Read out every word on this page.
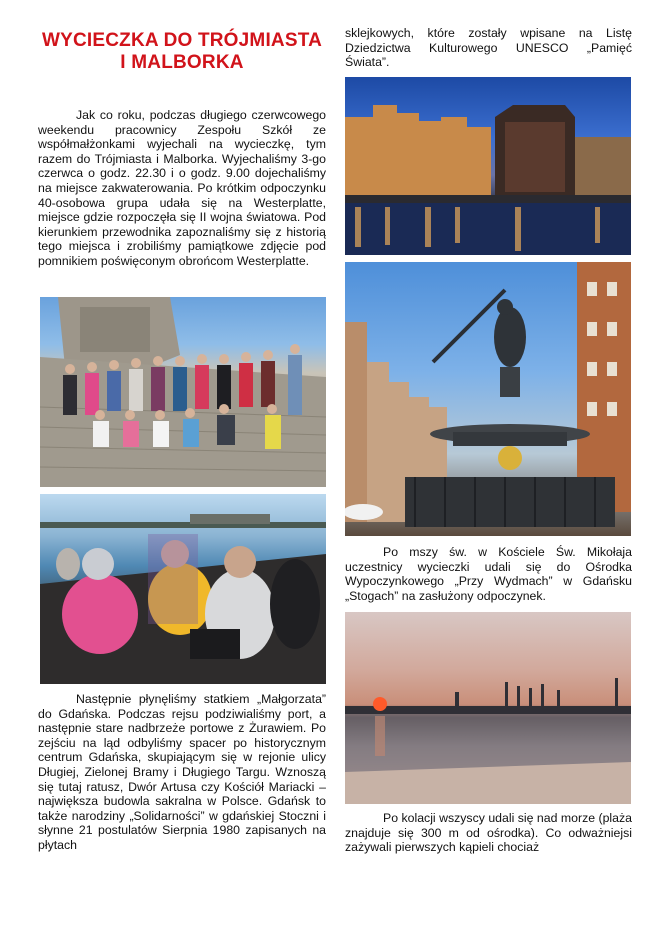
WYCIECZKA DO TRÓJMIASTA I MALBORKA

Jak co roku, podczas długiego czerwcowego weekendu pracownicy Zespołu Szkół ze współmałżonkami wyjechali na wycieczkę, tym razem do Trójmiasta i Malborka. Wyjechaliśmy 3-go czerwca o godz. 22.30 i o godz. 9.00 dojechaliśmy na miejsce zakwaterowania. Po krótkim odpoczynku 40-osobowa grupa udała się na Westerplatte, miejsce gdzie rozpoczęła się II wojna światowa. Pod kierunkiem przewodnika zapoznaliśmy się z historią tego miejsca i zrobiliśmy pamiątkowe zdjęcie pod pomnikiem poświęconym obrońcom Westerplatte.

Następnie płynęliśmy statkiem „Małgorzata” do Gdańska. Podczas rejsu podziwialiśmy port, a następnie stare nadbrzeże portowe z Żurawiem. Po zejściu na ląd odbyliśmy spacer po historycznym centrum Gdańska, skupiającym się w rejonie ulicy Długiej, Zielonej Bramy i Długiego Targu. Wznoszą się tutaj ratusz, Dwór Artusa czy Kościół Mariacki – największa budowla sakralna w Polsce. Gdańsk to także narodziny „Solidarności” w gdańskiej Stoczni i słynne 21 postulatów Sierpnia 1980 zapisanych na płytach

sklejkowych, które zostały wpisane na Listę Dziedzictwa Kulturowego UNESCO „Pamięć Świata”.

Po mszy św. w Kościele Św. Mikołaja uczestnicy wycieczki udali się do Ośrodka Wypoczynkowego „Przy Wydmach” w Gdańsku „Stogach” na zasłużony odpoczynek.

Po kolacji wszyscy udali się nad morze (plaża znajduje się 300 m od ośrodka). Co odważniejsi zażywali pierwszych kąpieli chociaż
